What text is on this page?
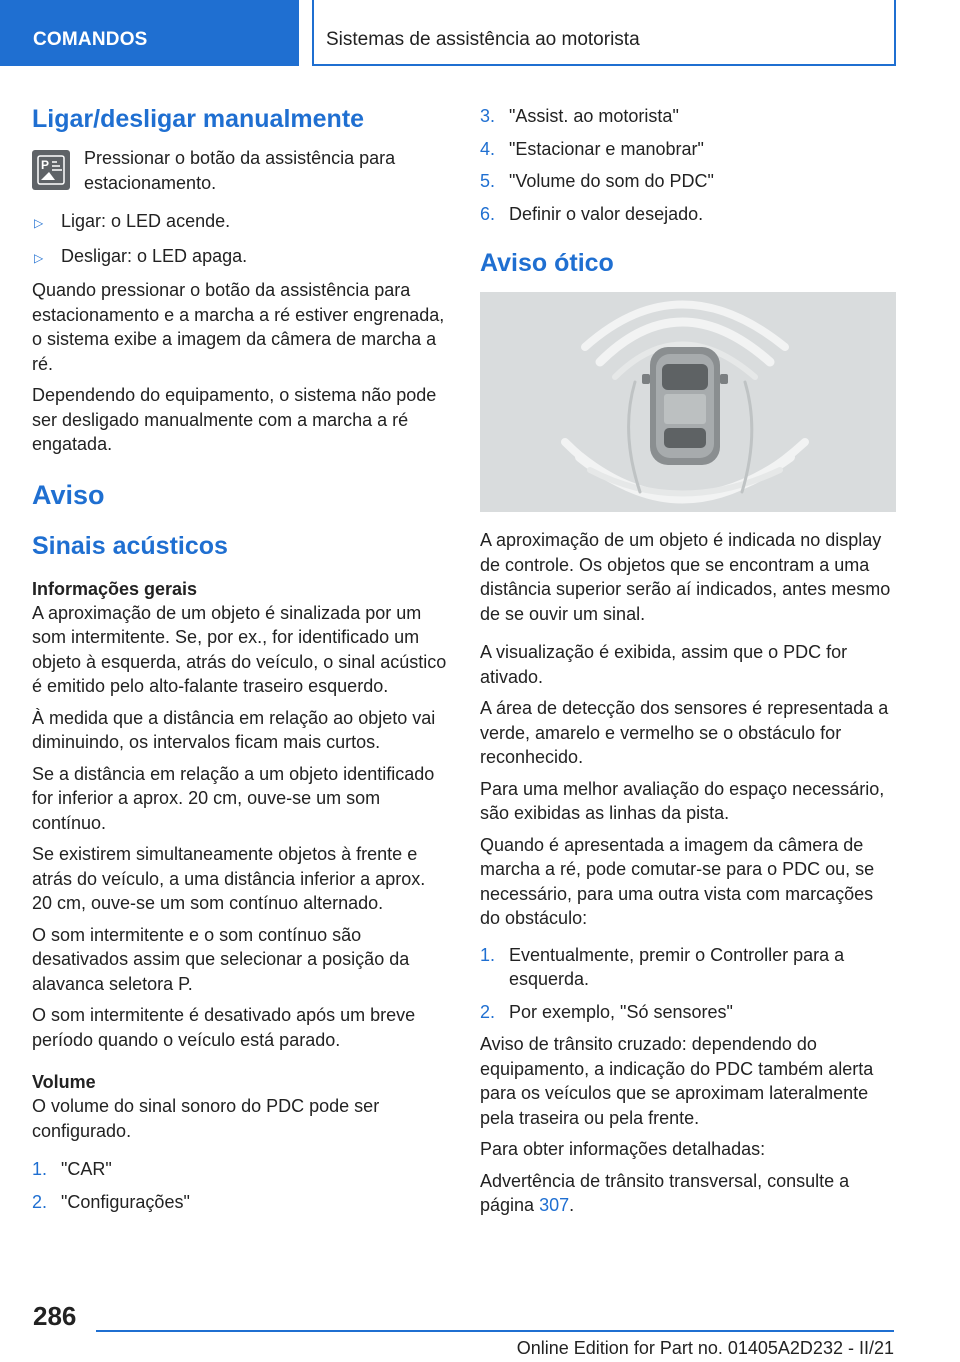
COMANDOS	Sistemas de assistência ao motorista
Ligar/desligar manualmente
P Pressionar o botão da assistência para estacionamento.
▷ Ligar: o LED acende.
▷ Desligar: o LED apaga.

Quando pressionar o botão da assistência para estacionamento e a marcha a ré estiver engrenada, o sistema exibe a imagem da câmera de marcha a ré.

Dependendo do equipamento, o sistema não pode ser desligado manualmente com a marcha a ré engatada.

Aviso
Sinais acústicos
Informações gerais

A aproximação de um objeto é sinalizada por um som intermitente. Se, por ex., for identificado um objeto à esquerda, atrás do veículo, o sinal acústico é emitido pelo alto-falante traseiro esquerdo.

À medida que a distância em relação ao objeto vai diminuindo, os intervalos ficam mais curtos.

Se a distância em relação a um objeto identificado for inferior a aprox. 20 cm, ouve-se um som contínuo.

Se existirem simultaneamente objetos à frente e atrás do veículo, a uma distância inferior a aprox. 20 cm, ouve-se um som contínuo alternado.

O som intermitente e o som contínuo são desativados assim que selecionar a posição da alavanca seletora P.

O som intermitente é desativado após um breve período quando o veículo está parado.

Volume

O volume do sinal sonoro do PDC pode ser configurado.

1. "CAR"
2. "Configurações"
3. "Assist. ao motorista"
4. "Estacionar e manobrar"
5. "Volume do som do PDC"
6. Definir o valor desejado.
Aviso ótico

A aproximação de um objeto é indicada no display de controle. Os objetos que se encontram a uma distância superior serão aí indicados, antes mesmo de se ouvir um sinal.

A visualização é exibida, assim que o PDC for ativado.

A área de detecção dos sensores é representada a verde, amarelo e vermelho se o obstáculo for reconhecido.

Para uma melhor avaliação do espaço necessário, são exibidas as linhas da pista.

Quando é apresentada a imagem da câmera de marcha a ré, pode comutar-se para o PDC ou, se necessário, para uma outra vista com marcações do obstáculo:

1. Eventualmente, premir o Controller para a esquerda.
2. Por exemplo, "Só sensores"

Aviso de trânsito cruzado: dependendo do equipamento, a indicação do PDC também alerta para os veículos que se aproximam lateralmente pela traseira ou pela frente.

Para obter informações detalhadas:

Advertência de trânsito transversal, consulte a página 307.

286
Online Edition for Part no. 01405A2D232 - II/21
